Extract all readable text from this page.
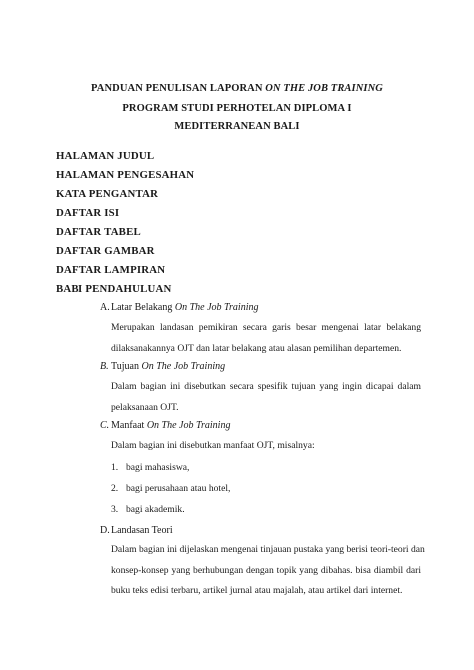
PANDUAN PENULISAN LAPORAN ON THE JOB TRAINING
PROGRAM STUDI PERHOTELAN DIPLOMA I
MEDITERRANEAN BALI
HALAMAN JUDUL
HALAMAN PENGESAHAN
KATA PENGANTAR
DAFTAR ISI
DAFTAR TABEL
DAFTAR GAMBAR
DAFTAR LAMPIRAN
BABI PENDAHULUAN
A. Latar Belakang On The Job Training
Merupakan landasan pemikiran secara garis besar mengenai latar belakang
dilaksanakannya OJT dan latar belakang atau alasan pemilihan departemen.
B. Tujuan On The Job Training
Dalam bagian ini disebutkan secara spesifik tujuan yang ingin dicapai dalam
pelaksanaan OJT.
C. Manfaat On The Job Training
Dalam bagian ini disebutkan manfaat OJT, misalnya:
1. bagi mahasiswa,
2. bagi perusahaan atau hotel,
3. bagi akademik.
D. Landasan Teori
Dalam bagian ini dijelaskan mengenai tinjauan pustaka yang berisi teori-teori dan
konsep-konsep yang berhubungan dengan topik yang dibahas. bisa diambil dari
buku teks edisi terbaru, artikel jurnal atau majalah, atau artikel dari internet.
